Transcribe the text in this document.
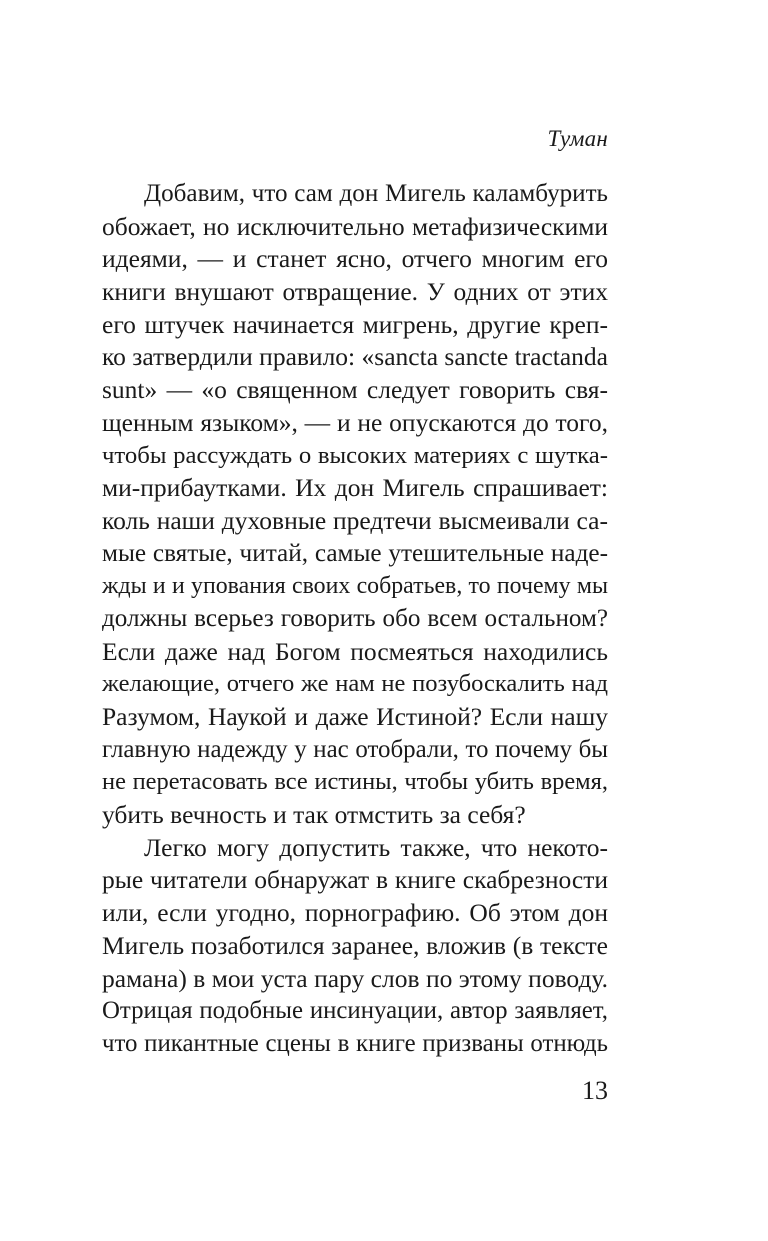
Туман
Добавим, что сам дон Мигель каламбурить
обожает, но исключительно метафизическими
идеями, — и станет ясно, отчего многим его
книги внушают отвращение. У одних от этих
его штучек начинается мигрень, другие креп-
ко затвердили правило: «sancta sancte tractanda
sunt» — «о священном следует говорить свя-
щенным языком», — и не опускаются до того,
чтобы рассуждать о высоких материях с шутка-
ми-прибаутками. Их дон Мигель спрашивает:
коль наши духовные предтечи высмеивали са-
мые святые, читай, самые утешительные наде-
жды и и упования своих собратьев, то почему мы
должны всерьез говорить обо всем остальном?
Если даже над Богом посмеяться находились
желающие, отчего же нам не позубоскалить над
Разумом, Наукой и даже Истиной? Если нашу
главную надежду у нас отобрали, то почему бы
не перетасовать все истины, чтобы убить время,
убить вечность и так отмстить за себя?
Легко могу допустить также, что некото-
рые читатели обнаружат в книге скабрезности
или, если угодно, порнографию. Об этом дон
Мигель позаботился заранее, вложив (в тексте
рамана) в мои уста пару слов по этому поводу.
Отрицая подобные инсинуации, автор заявляет,
что пикантные сцены в книге призваны отнюдь
13
